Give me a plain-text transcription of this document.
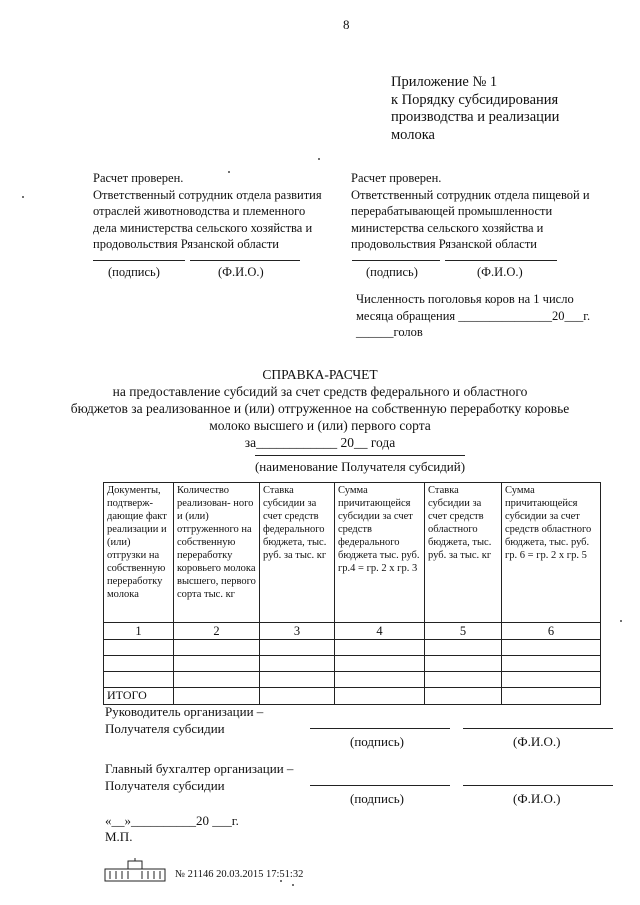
8
Приложение № 1
к Порядку субсидирования
производства и реализации
молока
Расчет проверен.
Ответственный сотрудник отдела развития
отраслей животноводства и племенного
дела министерства сельского хозяйства и
продовольствия Рязанской области
(подпись)	(Ф.И.О.)
Расчет проверен.
Ответственный сотрудник отдела пищевой и
перерабатывающей промышленности
министерства сельского хозяйства и
продовольствия Рязанской области
(подпись)	(Ф.И.О.)
Численность поголовья коров на 1 число
месяца обращения _______________20___г.
______голов
СПРАВКА-РАСЧЕТ
на предоставление субсидий за счет средств федерального и областного
бюджетов за реализованное и (или) отгруженное на собственную переработку коровье
молоко высшего и (или) первого сорта
за____________ 20__ года
(наименование Получателя субсидий)
Документы, подтверж- дающие факт реализации и (или) отгрузки на собственную переработку молока	Количество реализован- ного и (или) отгруженного на собственную переработку коровьего молока высшего, первого сорта тыс. кг	Ставка субсидии за счет средств федерального бюджета, тыс. руб. за тыс. кг	Сумма причитающейся субсидии за счет средств федерального бюджета тыс. руб. гр.4 = гр. 2 х гр. 3	Ставка субсидии за счет средств областного бюджета, тыс. руб. за тыс. кг	Сумма причитающейся субсидии за счет средств областного бюджета, тыс. руб. гр. 6 = гр. 2 х гр. 5
1	2	3	4	5	6

ИТОГО					
Руководитель организации –
Получателя субсидии
(подпись)	(Ф.И.О.)
Главный бухгалтер организации –
Получателя субсидии
(подпись)	(Ф.И.О.)
«__»__________20 ___г.
М.П.
№ 21146 20.03.2015 17:51:32
